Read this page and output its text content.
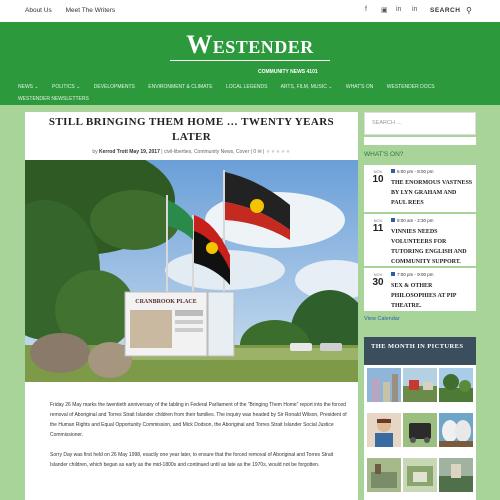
About Us Meet The Writers	f ▣ in in SEARCH ⚲
Westender
COMMUNITY NEWS 4101
NEWS ⌄	POLITICS ⌄	DEVELOPMENTS	ENVIRONMENT & CLIMATE	LOCAL LEGENDS	ARTS, FILM, MUSIC ⌄	WHAT'S ON	WESTENDER DOCS
WESTENDER NEWSLETTERS
STILL BRINGING THEM HOME … TWENTY YEARS
LATER
by Kerrod Trott May 19, 2017 | civil-liberties, Community News, Cover | 0 ✉ | ★★★★★
CRANBROOK PLACE

Friday 26 May marks the twentieth anniversary of the tabling in Federal Parliament of the “Bringing Them Home” report into the forced removal of Aboriginal and Torres Strait Islander children from their families. The inquiry was headed by Sir Ronald Wilson, President of the Human Rights and Equal Opportunity Commission, and Mick Dodson, the Aboriginal and Torres Strait Islander Social Justice Commissioner.

Sorry Day was first held on 26 May 1998, exactly one year later, to ensure that the forced removal of Aboriginal and Torres Strait Islander children, which began as early as the mid-1800s and continued until as late as the 1970s, would not be forgotten.

SEARCH …
WHAT'S ON?
NOV
10
6:00 pm - 8:00 pm
THE ENORMOUS VASTNESS BY LYN GRAHAM AND PAUL REES
NOV
11
9:00 am - 2:30 pm
VINNIES NEEDS VOLUNTEERS FOR TUTORING ENGLISH AND COMMUNITY SUPPORT.
NOV
30
7:00 pm - 9:00 pm
SEX & OTHER PHILOSOPHIES AT PIP THEATRE.
View Calendar
THE MONTH IN PICTURES
